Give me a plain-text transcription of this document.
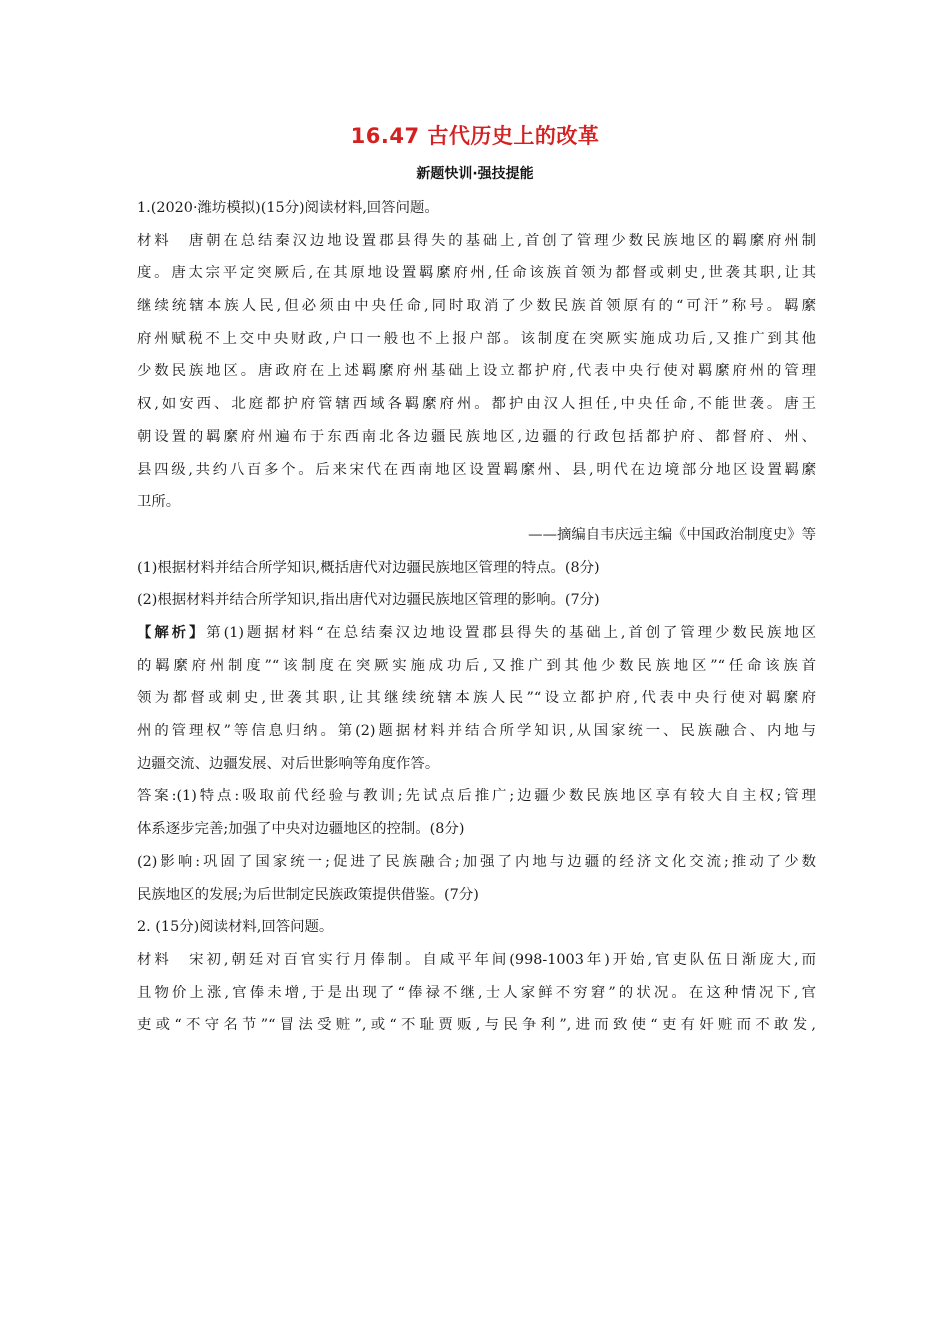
16.47 古代历史上的改革
新题快训·强技提能
1.(2020·潍坊模拟)(15分)阅读材料,回答问题。
材料　唐朝在总结秦汉边地设置郡县得失的基础上,首创了管理少数民族地区的羁縻府州制
度。唐太宗平定突厥后,在其原地设置羁縻府州,任命该族首领为都督或刺史,世袭其职,让其
继续统辖本族人民,但必须由中央任命,同时取消了少数民族首领原有的“可汗”称号。羁縻
府州赋税不上交中央财政,户口一般也不上报户部。该制度在突厥实施成功后,又推广到其他
少数民族地区。唐政府在上述羁縻府州基础上设立都护府,代表中央行使对羁縻府州的管理
权,如安西、北庭都护府管辖西域各羁縻府州。都护由汉人担任,中央任命,不能世袭。唐王
朝设置的羁縻府州遍布于东西南北各边疆民族地区,边疆的行政包括都护府、都督府、州、
县四级,共约八百多个。后来宋代在西南地区设置羁縻州、县,明代在边境部分地区设置羁縻
卫所。
——摘编自韦庆远主编《中国政治制度史》等
(1)根据材料并结合所学知识,概括唐代对边疆民族地区管理的特点。(8分)
(2)根据材料并结合所学知识,指出唐代对边疆民族地区管理的影响。(7分)
【解析】第(1)题据材料“在总结秦汉边地设置郡县得失的基础上,首创了管理少数民族地区
的羁縻府州制度”“该制度在突厥实施成功后,又推广到其他少数民族地区”“任命该族首
领为都督或刺史,世袭其职,让其继续统辖本族人民”“设立都护府,代表中央行使对羁縻府
州的管理权”等信息归纳。第(2)题据材料并结合所学知识,从国家统一、民族融合、内地与
边疆交流、边疆发展、对后世影响等角度作答。
答案:(1)特点:吸取前代经验与教训;先试点后推广;边疆少数民族地区享有较大自主权;管理
体系逐步完善;加强了中央对边疆地区的控制。(8分)
(2)影响:巩固了国家统一;促进了民族融合;加强了内地与边疆的经济文化交流;推动了少数
民族地区的发展;为后世制定民族政策提供借鉴。(7分)
2. (15分)阅读材料,回答问题。
材料　宋初,朝廷对百官实行月俸制。自咸平年间(998-1003年)开始,官吏队伍日渐庞大,而
且物价上涨,官俸未增,于是出现了“俸禄不继,士人家鲜不穷窘”的状况。在这种情况下,官
吏或“不守名节”“冒法受赃”,或“不耻贾贩,与民争利”,进而致使“吏有奸赃而不敢发,
